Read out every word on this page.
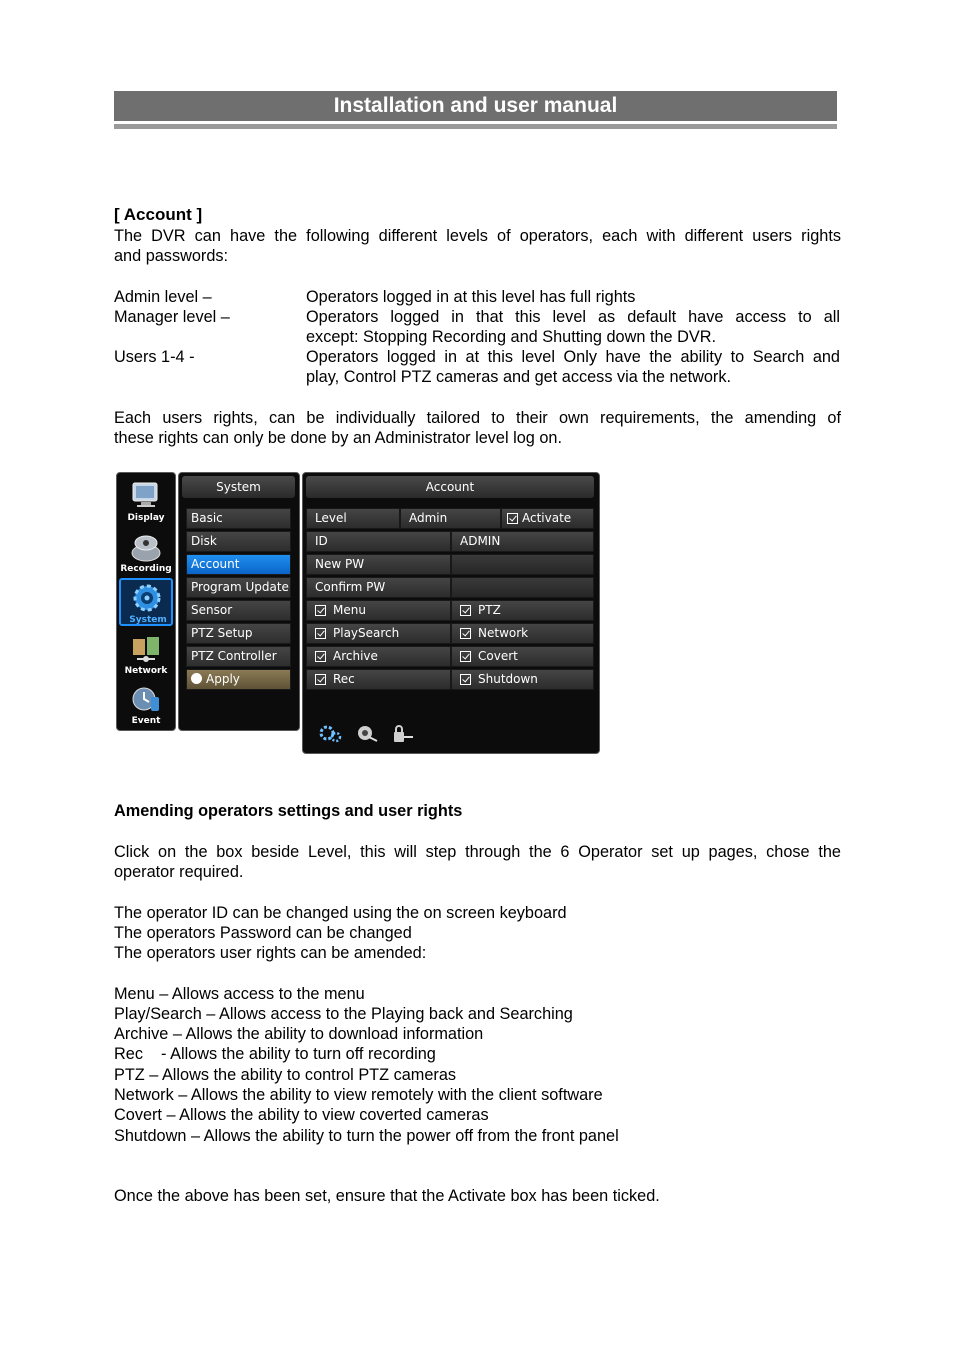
Installation and user manual
[ Account ]
The DVR can have the following different levels of operators, each with different users rights
and passwords:
Admin level –	Operators logged in at this level has full rights
Manager level –	Operators logged in that this level as default have access to all
except: Stopping Recording and Shutting down the DVR.
Users 1-4 -	Operators logged in at this level Only have the ability to Search and
play, Control PTZ cameras and get access via the network.
Each users rights, can be individually tailored to their own requirements, the amending of
these rights can only be done by an Administrator level log on.
Display
Recording
System
Network
Event
System
Basic
Disk
Account
Program Update
Sensor
PTZ Setup
PTZ Controller
Apply
Account
Level	Admin	Activate
ID	ADMIN
New PW
Confirm PW
Menu	PTZ
PlaySearch	Network
Archive	Covert
Rec	Shutdown
Amending operators settings and user rights
Click on the box beside Level, this will step through the 6 Operator set up pages, chose the
operator required.
The operator ID can be changed using the on screen keyboard
The operators Password can be changed
The operators user rights can be amended:
Menu – Allows access to the menu
Play/Search – Allows access to the Playing back and Searching
Archive – Allows the ability to download information
Rec    - Allows the ability to turn off recording
PTZ – Allows the ability to control PTZ cameras
Network – Allows the ability to view remotely with the client software
Covert – Allows the ability to view coverted cameras
Shutdown – Allows the ability to turn the power off from the front panel
Once the above has been set, ensure that the Activate box has been ticked.
